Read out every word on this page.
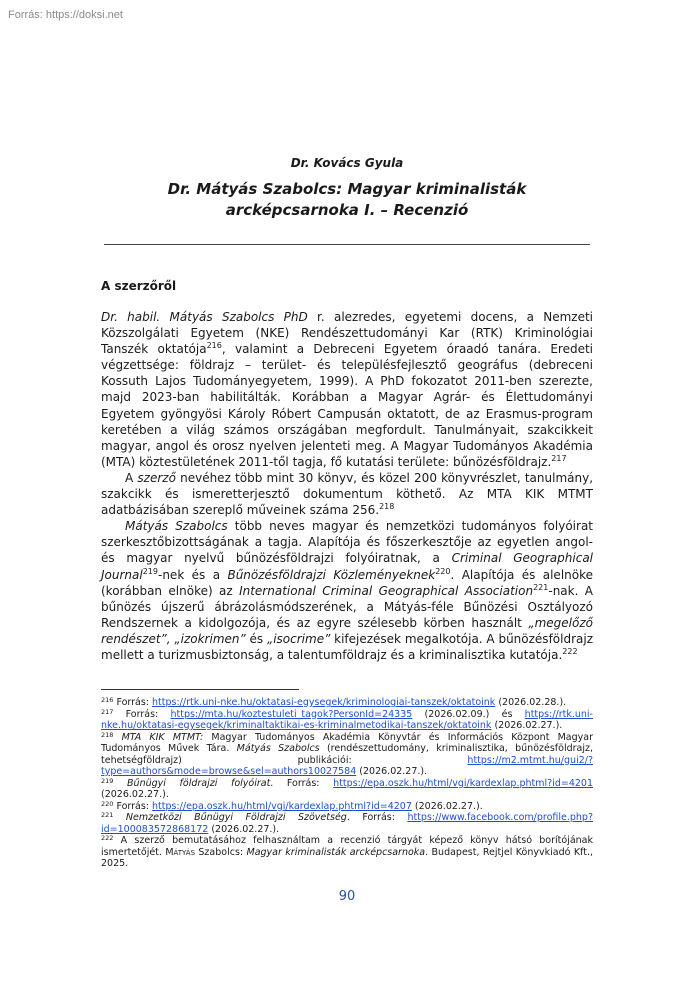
Forrás: https://doksi.net
Dr. Kovács Gyula
Dr. Mátyás Szabolcs: Magyar kriminalisták
arcképcsarnoka I. – Recenzió
A szerzőről

Dr. habil. Mátyás Szabolcs PhD r. alezredes, egyetemi docens, a Nemzeti Közszolgálati Egyetem (NKE) Rendészettudományi Kar (RTK) Kriminológiai Tanszék oktatója$^{216}$, valamint a Debreceni Egyetem óraadó tanára. Eredeti végzettsége: földrajz – terület- és településfejlesztő geográfus (debreceni Kossuth Lajos Tudományegyetem, 1999). A PhD fokozatot 2011-ben szerezte, majd 2023-ban habilitálták. Korábban a Magyar Agrár- és Élettudományi Egyetem gyöngyösi Károly Róbert Campusán oktatott, de az Erasmus-program keretében a világ számos országában megfordult. Tanulmányait, szakcikkeit magyar, angol és orosz nyelven jelenteti meg. A Magyar Tudományos Akadémia (MTA) köztestületének 2011-től tagja, fő kutatási területe: bűnözésföldrajz.$^{217}$

A szerző nevéhez több mint 30 könyv, és közel 200 könyvrészlet, tanulmány, szakcikk és ismeretterjesztő dokumentum köthető. Az MTA KIK MTMT adatbázisában szereplő műveinek száma 256.$^{218}$

Mátyás Szabolcs több neves magyar és nemzetközi tudományos folyóirat szerkesztőbizottságának a tagja. Alapítója és főszerkesztője az egyetlen angol- és magyar nyelvű bűnözésföldrajzi folyóiratnak, a Criminal Geographical Journal$^{219}$-nek és a Bűnözésföldrajzi Közleményeknek$^{220}$. Alapítója és alelnöke (korábban elnöke) az International Criminal Geographical Association$^{221}$-nak. A bűnözés újszerű ábrázolásmódszerének, a Mátyás-féle Bűnözési Osztályozó Rendszernek a kidolgozója, és az egyre szélesebb körben használt „megelőző rendészet”, „izokrimen” és „isocrime” kifejezések megalkotója. A bűnözésföldrajz mellett a turizmusbiztonság, a talentumföldrajz és a kriminalisztika kutatója.$^{222}$

$^{216}$ Forrás: https://rtk.uni-nke.hu/oktatasi-egysegek/kriminologiai-tanszek/oktatoink (2026.02.28.).

$^{217}$ Forrás: https://mta.hu/koztestuleti_tagok?PersonId=24335 (2026.02.09.) és https://rtk.uni-nke.hu/oktatasi-egysegek/kriminaltaktikai-es-kriminalmetodikai-tanszek/oktatoink (2026.02.27.).

$^{218}$ MTA KIK MTMT: Magyar Tudományos Akadémia Könyvtár és Információs Központ Magyar Tudományos Művek Tára. Mátyás Szabolcs (rendészettudomány, kriminalisztika, bűnözésföldrajz, tehetségföldrajz) publikációi: https://m2.mtmt.hu/gui2/?type=authors&mode=browse&sel=authors10027584 (2026.02.27.).

$^{219}$ Bűnügyi földrajzi folyóirat. Forrás: https://epa.oszk.hu/html/vgi/kardexlap.phtml?id=4201 (2026.02.27.).

$^{220}$ Forrás: https://epa.oszk.hu/html/vgi/kardexlap.phtml?id=4207 (2026.02.27.).

$^{221}$ Nemzetközi Bűnügyi Földrajzi Szövetség. Forrás: https://www.facebook.com/profile.php?id=100083572868172 (2026.02.27.).

$^{222}$ A szerző bemutatásához felhasználtam a recenzió tárgyát képező könyv hátsó borítójának ismertetőjét. Mátyás Szabolcs: Magyar kriminalisták arcképcsarnoka. Budapest, Rejtjel Könyvkiadó Kft., 2025.

90
